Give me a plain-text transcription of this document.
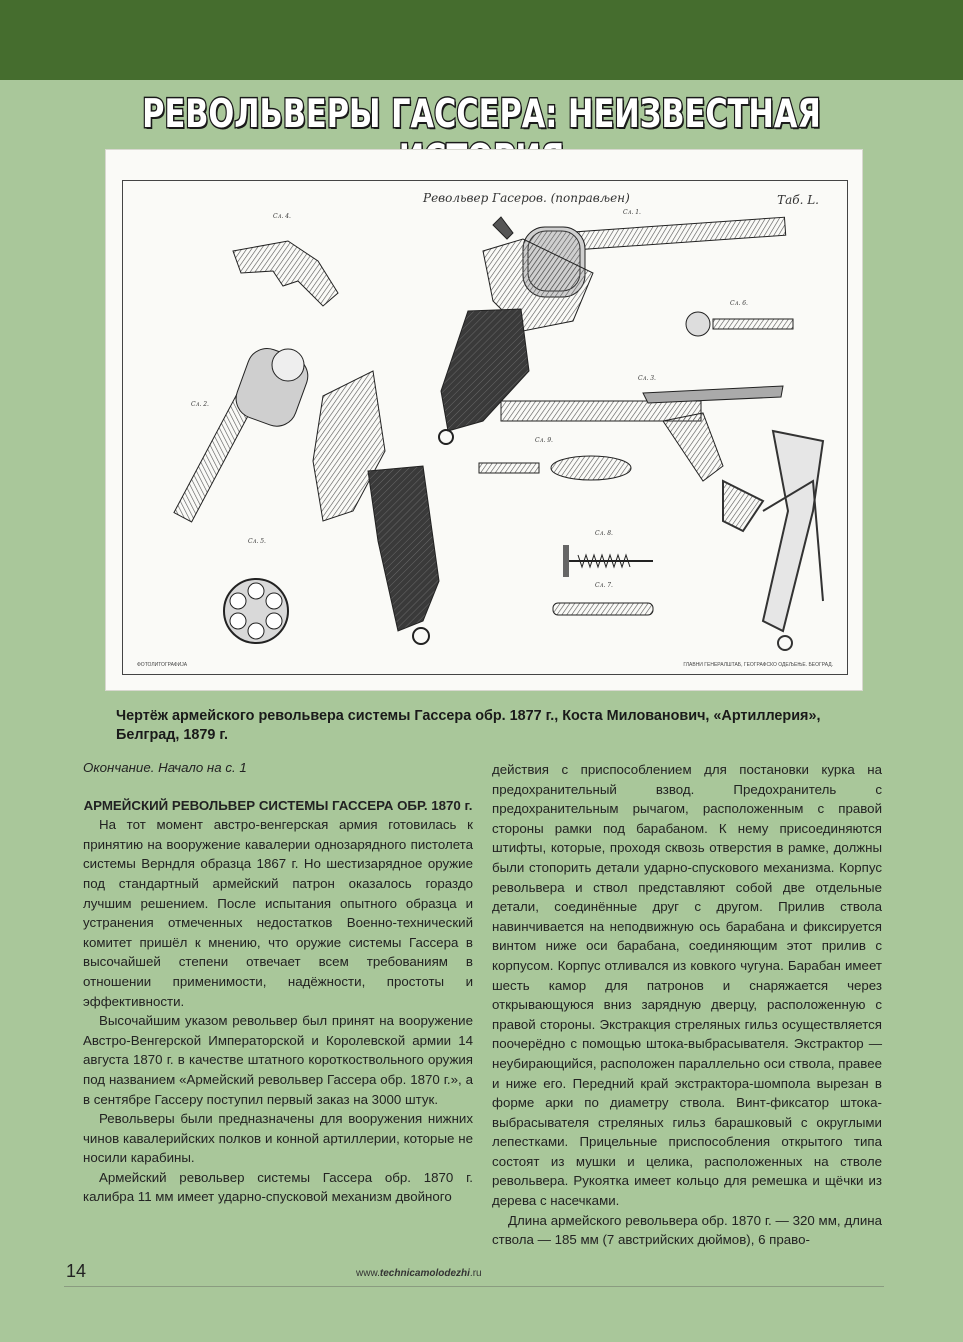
РЕВОЛЬВЕРЫ ГАССЕРА: НЕИЗВЕСТНАЯ
Револьвер Гасеров. (поправљен)	Таб. L.
Сл. 1.
Сл. 4.
Сл. 2.
Сл. 6.
Сл. 3.
Сл. 9.
Сл. 5.
Сл. 8.
Сл. 7.
ФОТОЛИТОГРАФИЈА	ГЛАВНИ ГЕНЕРАЛШТАБ, ГЕОГРАФСКО ОДЕЉЕЊЕ. БЕОГРАД.
Чертёж армейского револьвера системы Гассера обр. 1877 г., Коста Милованович, «Артиллерия», Белград, 1879 г.

Окончание. Начало на с. 1

АРМЕЙСКИЙ РЕВОЛЬВЕР СИСТЕМЫ ГАССЕРА ОБР. 1870 г.

На тот момент австро-венгерская армия готовилась к принятию на вооружение кавалерии однозарядного пистолета системы Верндля образца 1867 г. Но шестизарядное оружие под стандартный армейский патрон оказалось гораздо лучшим решением. После испытания опытного образца и устранения отмеченных недостатков Военно-технический комитет пришёл к мнению, что оружие системы Гассера в высочайшей степени отвечает всем требованиям в отношении применимости, надёжности, простоты и эффективности.

Высочайшим указом револьвер был принят на вооружение Австро-Венгерской Императорской и Королевской армии 14 августа 1870 г. в качестве штатного короткоствольного оружия под названием «Армейский револьвер Гассера обр. 1870 г.», а в сентябре Гассеру поступил первый заказ на 3000 штук.

Револьверы были предназначены для вооружения нижних чинов кавалерийских полков и конной артиллерии, которые не носили карабины.

Армейский револьвер системы Гассера обр. 1870 г. калибра 11 мм имеет ударно-спусковой механизм двойного

действия с приспособлением для постановки курка на предохранительный взвод. Предохранитель с предохранительным рычагом, расположенным с правой стороны рамки под барабаном. К нему присоединяются штифты, которые, проходя сквозь отверстия в рамке, должны были стопорить детали ударно-спускового механизма. Корпус револьвера и ствол представляют собой две отдельные детали, соединённые друг с другом. Прилив ствола навинчивается на неподвижную ось барабана и фиксируется винтом ниже оси барабана, соединяющим этот прилив с корпусом. Корпус отливался из ковкого чугуна. Барабан имеет шесть камор для патронов и снаряжается через открывающуюся вниз зарядную дверцу, расположенную с правой стороны. Экстракция стреляных гильз осуществляется поочерёдно с помощью штока-выбрасывателя. Экстрактор — неубирающийся, расположен параллельно оси ствола, правее и ниже его. Передний край экстрактора-шомпола вырезан в форме арки по диаметру ствола. Винт-фиксатор штока-выбрасывателя стреляных гильз барашковый с округлыми лепестками. Прицельные приспособления открытого типа состоят из мушки и целика, расположенных на стволе револьвера. Рукоятка имеет кольцо для ремешка и щёчки из дерева с насечками.

Длина армейского револьвера обр. 1870 г. — 320 мм, длина ствола — 185 мм (7 австрийских дюймов), 6 право-

14	www.technicamolodezhi.ru
